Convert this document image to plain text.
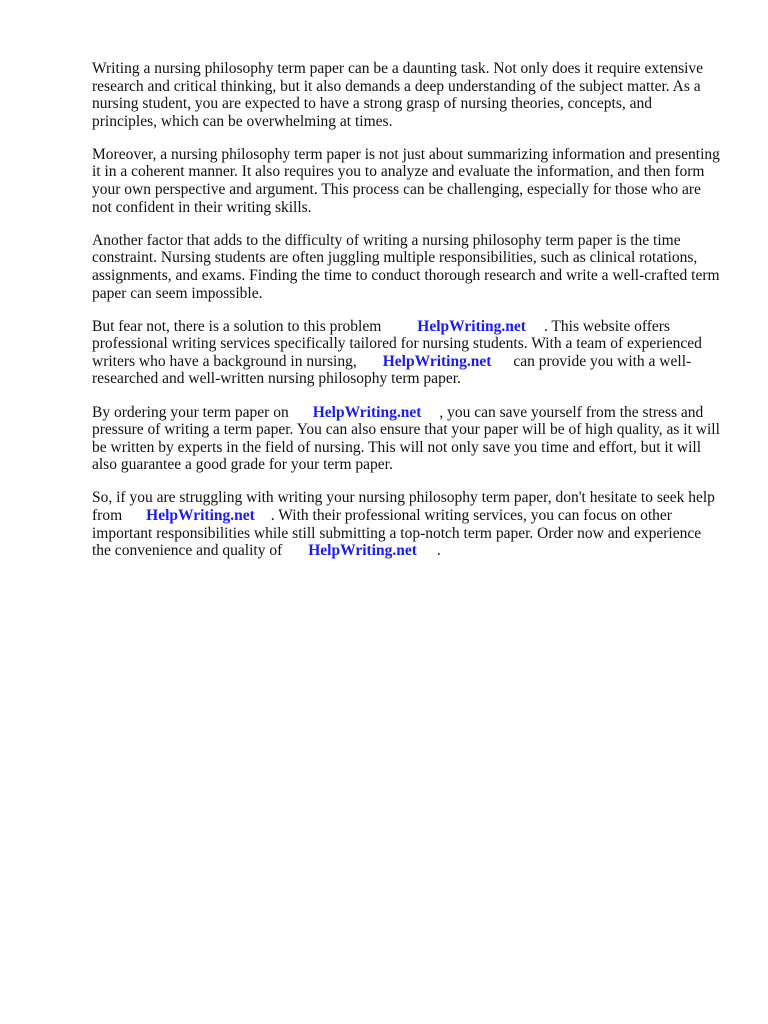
Writing a nursing philosophy term paper can be a daunting task. Not only does it require extensive
research and critical thinking, but it also demands a deep understanding of the subject matter. As a
nursing student, you are expected to have a strong grasp of nursing theories, concepts, and
principles, which can be overwhelming at times.

Moreover, a nursing philosophy term paper is not just about summarizing information and presenting
it in a coherent manner. It also requires you to analyze and evaluate the information, and then form
your own perspective and argument. This process can be challenging, especially for those who are
not confident in their writing skills.

Another factor that adds to the difficulty of writing a nursing philosophy term paper is the time
constraint. Nursing students are often juggling multiple responsibilities, such as clinical rotations,
assignments, and exams. Finding the time to conduct thorough research and write a well-crafted term
paper can seem impossible.

But fear not, there is a solution to this problem HelpWriting.net . This website offers
professional writing services specifically tailored for nursing students. With a team of experienced
writers who have a background in nursing, HelpWriting.net can provide you with a well-
researched and well-written nursing philosophy term paper.

By ordering your term paper on HelpWriting.net , you can save yourself from the stress and
pressure of writing a term paper. You can also ensure that your paper will be of high quality, as it will
be written by experts in the field of nursing. This will not only save you time and effort, but it will
also guarantee a good grade for your term paper.

So, if you are struggling with writing your nursing philosophy term paper, don't hesitate to seek help
from HelpWriting.net . With their professional writing services, you can focus on other
important responsibilities while still submitting a top-notch term paper. Order now and experience
the convenience and quality of HelpWriting.net .
